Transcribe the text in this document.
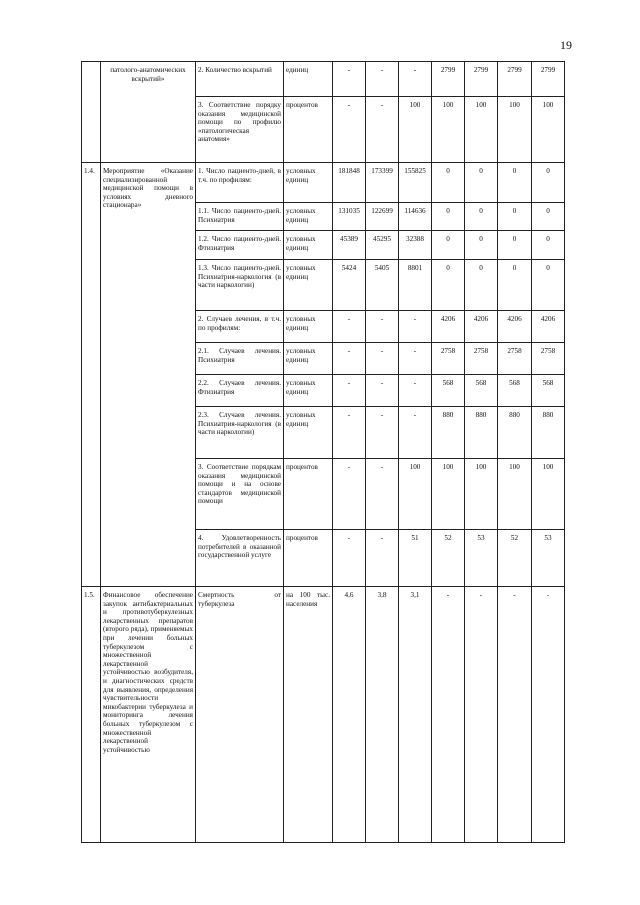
19
	патолого-анатомических вскрытий»	2. Количество вскрытий	единиц	-	-	-	2799	2799	2799	2799
		3. Соответствие порядку оказания медицинской помощи по профилю «патологическая анатомия»	процентов	-	-	100	100	100	100	100
1.4.	Мероприятие «Оказание специализированной медицинской помощи в условиях дневного стационара»	1. Число пациенто-дней, в т.ч. по профилям:	условных единиц	181848	173399	155825	0	0	0	0
		1.1. Число пациенто-дней. Психиатрия	условных единиц	131035	122699	114636	0	0	0	0
		1.2. Число пациенто-дней. Фтизиатрия	условных единиц	45389	45295	32388	0	0	0	0
		1.3. Число пациенто-дней. Психиатрия-наркология (в части наркологии)	условных единиц	5424	5405	8801	0	0	0	0
		2. Случаев лечения, в т.ч. по профилям:	условных единиц	-	-	-	4206	4206	4206	4206
		2.1. Случаев лечения. Психиатрия	условных единиц	-	-	-	2758	2758	2758	2758
		2.2. Случаев лечения. Фтизиатрия	условных единиц	-	-	-	568	568	568	568
		2.3. Случаев лечения. Психиатрия-наркология (в части наркологии)	условных единиц	-	-	-	880	880	880	880
		3. Соответствие порядкам оказания медицинской помощи и на основе стандартов медицинской помощи	процентов	-	-	100	100	100	100	100
		4. Удовлетворенность потребителей в оказанной государственной услуге	процентов	-	-	51	52	53	52	53
1.5.	Финансовое обеспечение закупок антибактериальных и противотуберкулезных лекарственных препаратов (второго ряда), применяемых при лечении больных туберкулезом с множественной лекарственной устойчивостью возбудителя, и диагностических средств для выявления, определения чувствительности микобактерии туберкулеза и мониторинга лечения больных туберкулезом с множественной лекарственной устойчивостью	Смертность от туберкулеза	на 100 тыс. населения	4,6	3,8	3,1	-	-	-	-
